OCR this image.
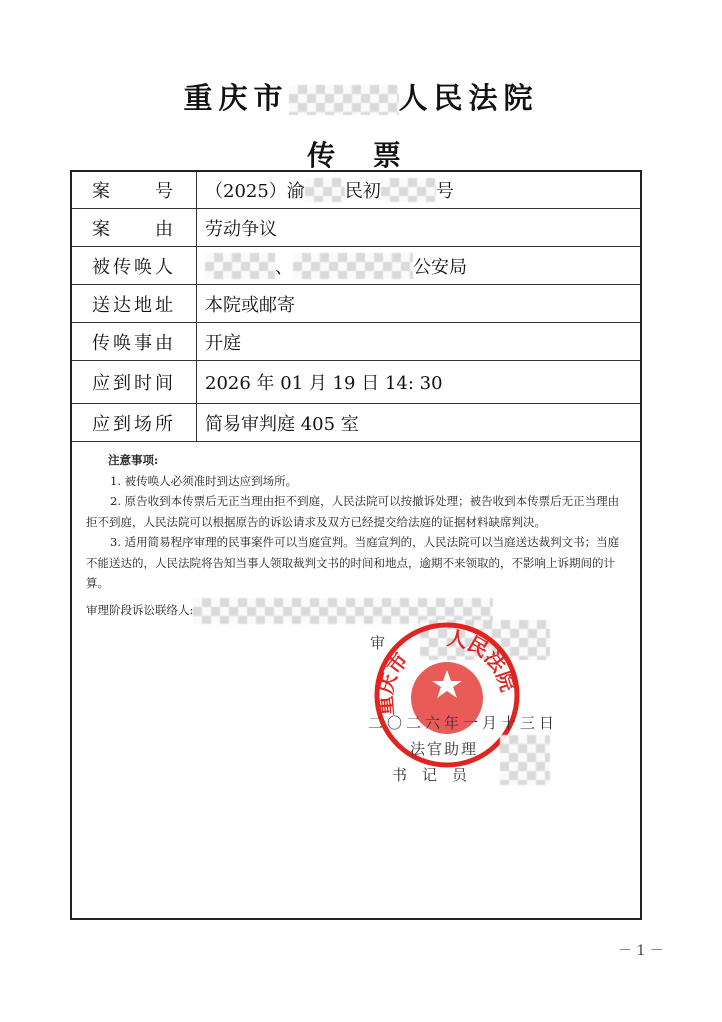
重庆市	人民法院
传 票
案　　号	（2025）渝 民初	号
案　　由	劳动争议
被传唤人	、	公安局
送达地址	本院或邮寄
传唤事由	开庭
应到时间	2026 年 01 月 19 日 14: 30
应到场所	简易审判庭 405 室

注意事项:

1. 被传唤人必须准时到达应到场所。

2. 原告收到本传票后无正当理由拒不到庭，人民法院可以按撤诉处理；被告收到本传票后无正当理由拒不到庭，人民法院可以根据原告的诉讼请求及双方已经提交给法庭的证据材料缺席判决。

3. 适用简易程序审理的民事案件可以当庭宣判。当庭宣判的，人民法院可以当庭送达裁判文书；当庭不能送达的，人民法院将告知当事人领取裁判文书的时间和地点，逾期不来领取的，不影响上诉期间的计算。

审理阶段诉讼联络人:

审
重庆市　　人民法院
二〇二六年一月十三日
法官助理
书　记　员
－ 1 －
